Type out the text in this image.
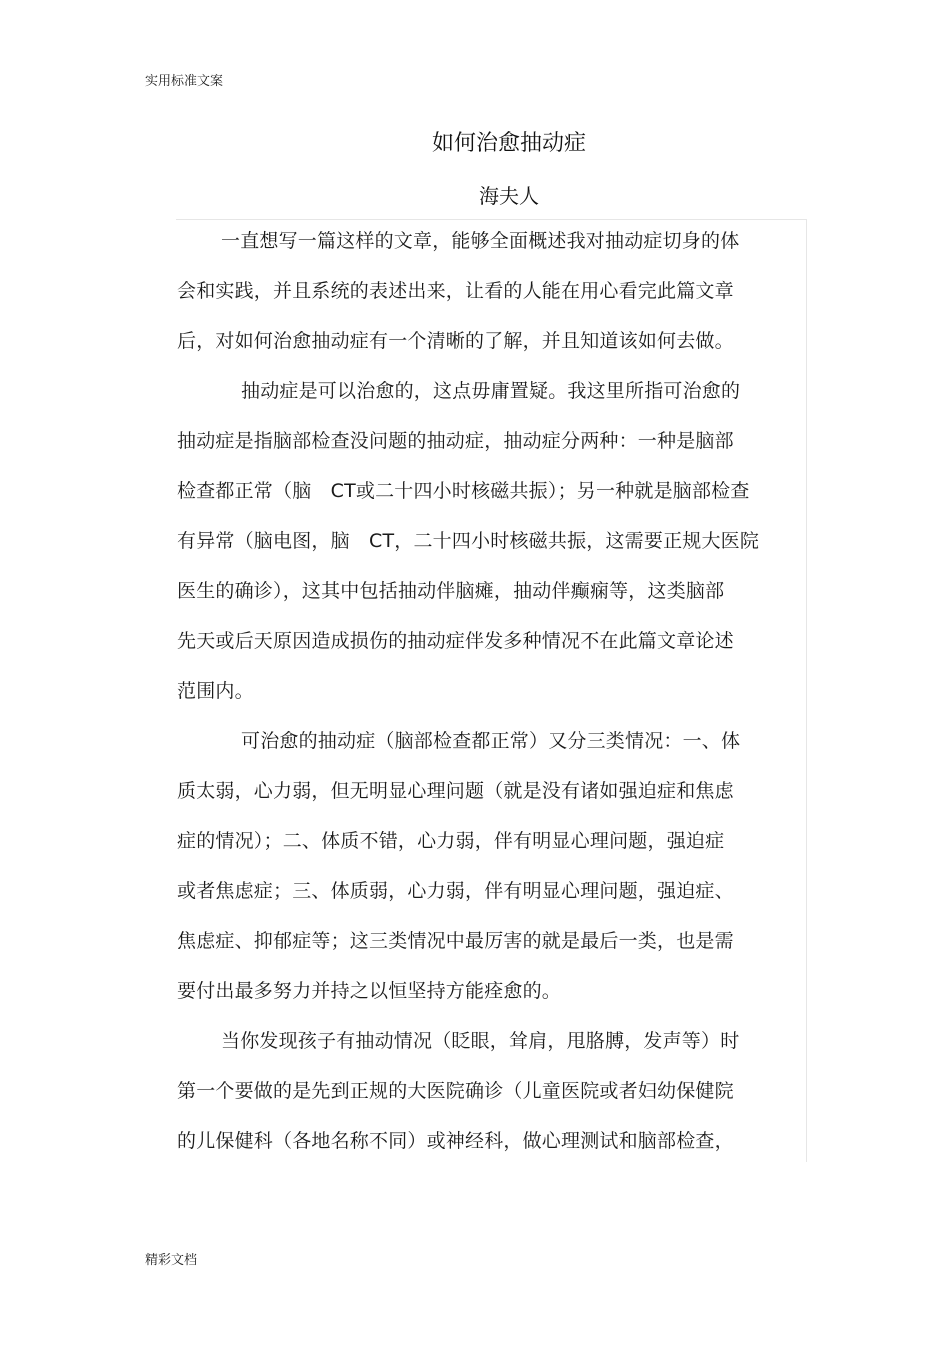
实用标准文案
如何治愈抽动症
海夫人
一直想写一篇这样的文章，能够全面概述我对抽动症切身的体
会和实践，并且系统的表述出来，让看的人能在用心看完此篇文章
后，对如何治愈抽动症有一个清晰的了解，并且知道该如何去做。
抽动症是可以治愈的，这点毋庸置疑。我这里所指可治愈的
抽动症是指脑部检查没问题的抽动症，抽动症分两种：一种是脑部
检查都正常（脑　CT或二十四小时核磁共振）；另一种就是脑部检查
有异常（脑电图，脑　CT，二十四小时核磁共振，这需要正规大医院
医生的确诊），这其中包括抽动伴脑瘫，抽动伴癫痫等，这类脑部
先天或后天原因造成损伤的抽动症伴发多种情况不在此篇文章论述
范围内。
可治愈的抽动症（脑部检查都正常）又分三类情况：一、体
质太弱，心力弱，但无明显心理问题（就是没有诸如强迫症和焦虑
症的情况）；二、体质不错，心力弱，伴有明显心理问题，强迫症
或者焦虑症；三、体质弱，心力弱，伴有明显心理问题，强迫症、
焦虑症、抑郁症等；这三类情况中最厉害的就是最后一类，也是需
要付出最多努力并持之以恒坚持方能痊愈的。
当你发现孩子有抽动情况（眨眼，耸肩，甩胳膊，发声等）时
第一个要做的是先到正规的大医院确诊（儿童医院或者妇幼保健院
的儿保健科（各地名称不同）或神经科，做心理测试和脑部检查，
精彩文档
